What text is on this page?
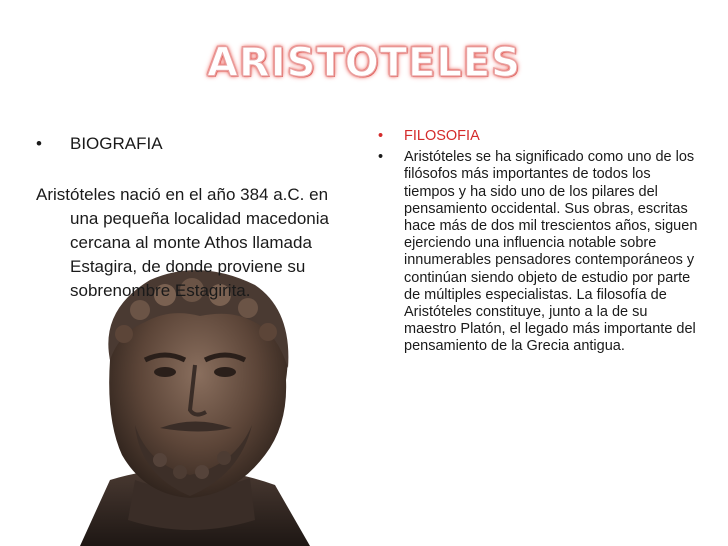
ARISTOTELES
•	BIOGRAFIA
Aristóteles nació en el año 384 a.C. en una pequeña localidad macedonia cercana al monte Athos llamada Estagira, de donde proviene su sobrenombre Estagirita.
•	FILOSOFIA
•	Aristóteles se ha significado como uno de los filósofos más importantes de todos los tiempos y ha sido uno de los pilares del pensamiento occidental. Sus obras, escritas hace más de dos mil trescientos años, siguen ejerciendo una influencia notable sobre innumerables pensadores contemporáneos y continúan siendo objeto de estudio por parte de múltiples especialistas. La filosofía de Aristóteles constituye, junto a la de su maestro Platón, el legado más importante del pensamiento de la Grecia antigua.
